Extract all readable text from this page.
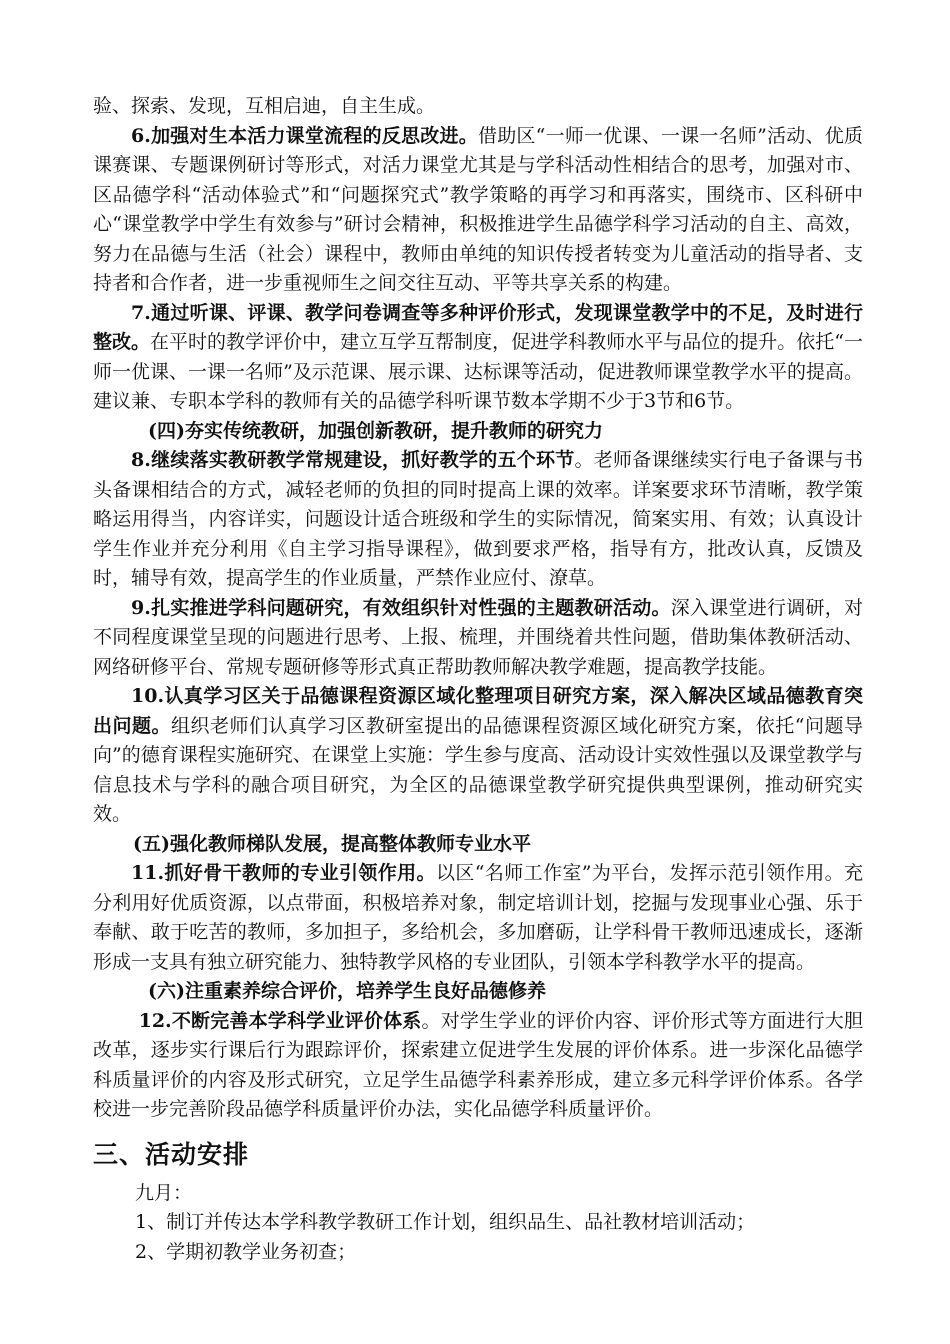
验、探索、发现，互相启迪，自主生成。

6.加强对生本活力课堂流程的反思改进。借助区“一师一优课、一课一名师”活动、优质课赛课、专题课例研讨等形式，对活力课堂尤其是与学科活动性相结合的思考，加强对市、区品德学科“活动体验式”和“问题探究式”教学策略的再学习和再落实，围绕市、区科研中心“课堂教学中学生有效参与”研讨会精神，积极推进学生品德学科学习活动的自主、高效，努力在品德与生活（社会）课程中，教师由单纯的知识传授者转变为儿童活动的指导者、支持者和合作者，进一步重视师生之间交往互动、平等共享关系的构建。

7.通过听课、评课、教学问卷调查等多种评价形式，发现课堂教学中的不足，及时进行整改。在平时的教学评价中，建立互学互帮制度，促进学科教师水平与品位的提升。依托“一师一优课、一课一名师”及示范课、展示课、达标课等活动，促进教师课堂教学水平的提高。建议兼、专职本学科的教师有关的品德学科听课节数本学期不少于3节和6节。

(四)夯实传统教研，加强创新教研，提升教师的研究力

8.继续落实教研教学常规建设，抓好教学的五个环节。老师备课继续实行电子备课与书头备课相结合的方式，减轻老师的负担的同时提高上课的效率。详案要求环节清晰，教学策略运用得当，内容详实，问题设计适合班级和学生的实际情况，简案实用、有效；认真设计学生作业并充分利用《自主学习指导课程》，做到要求严格，指导有方，批改认真，反馈及时，辅导有效，提高学生的作业质量，严禁作业应付、潦草。

9.扎实推进学科问题研究，有效组织针对性强的主题教研活动。深入课堂进行调研，对不同程度课堂呈现的问题进行思考、上报、梳理，并围绕着共性问题，借助集体教研活动、网络研修平台、常规专题研修等形式真正帮助教师解决教学难题，提高教学技能。

10.认真学习区关于品德课程资源区域化整理项目研究方案，深入解决区域品德教育突出问题。组织老师们认真学习区教研室提出的品德课程资源区域化研究方案，依托“问题导向”的德育课程实施研究、在课堂上实施：学生参与度高、活动设计实效性强以及课堂教学与信息技术与学科的融合项目研究，为全区的品德课堂教学研究提供典型课例，推动研究实效。

(五)强化教师梯队发展，提高整体教师专业水平

11.抓好骨干教师的专业引领作用。以区“名师工作室”为平台，发挥示范引领作用。充分利用好优质资源，以点带面，积极培养对象，制定培训计划，挖掘与发现事业心强、乐于奉献、敢于吃苦的教师，多加担子，多给机会，多加磨砺，让学科骨干教师迅速成长，逐渐形成一支具有独立研究能力、独特教学风格的专业团队，引领本学科教学水平的提高。

(六)注重素养综合评价，培养学生良好品德修养

12.不断完善本学科学业评价体系。对学生学业的评价内容、评价形式等方面进行大胆改革，逐步实行课后行为跟踪评价，探索建立促进学生发展的评价体系。进一步深化品德学科质量评价的内容及形式研究，立足学生品德学科素养形成，建立多元科学评价体系。各学校进一步完善阶段品德学科质量评价办法，实化品德学科质量评价。

三、活动安排

九月：

1、制订并传达本学科教学教研工作计划，组织品生、品社教材培训活动；

2、学期初教学业务初查；
